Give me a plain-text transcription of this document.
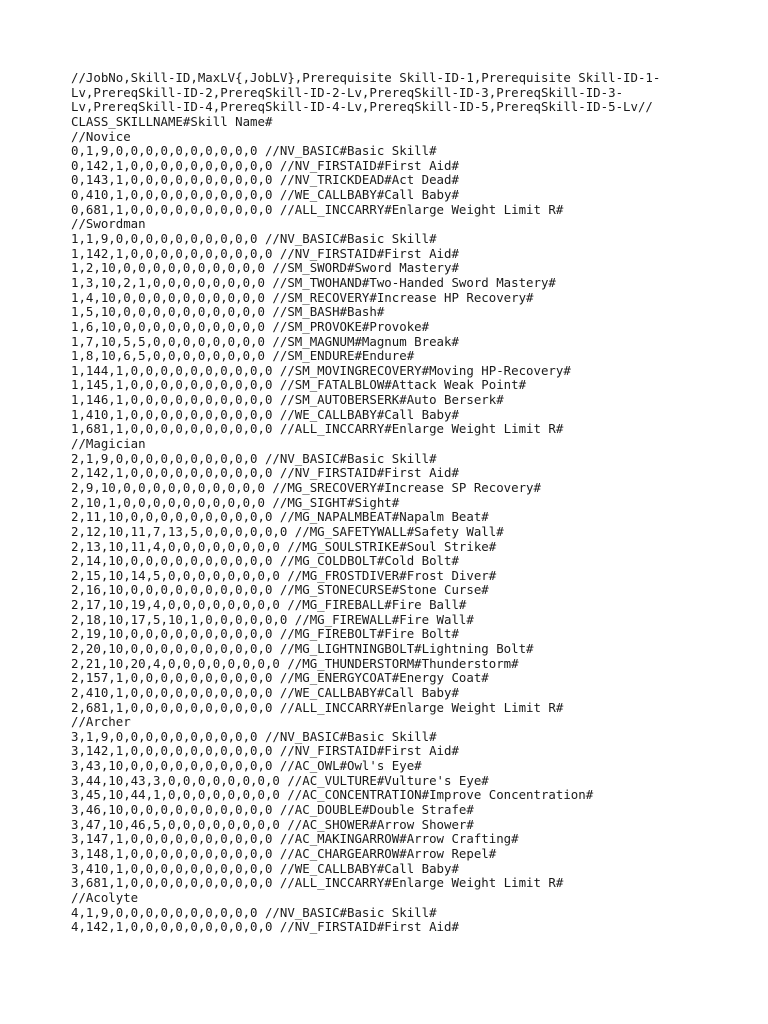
//JobNo,Skill-ID,MaxLV{,JobLV},Prerequisite Skill-ID-1,Prerequisite Skill-ID-1-
Lv,PrereqSkill-ID-2,PrereqSkill-ID-2-Lv,PrereqSkill-ID-3,PrereqSkill-ID-3-
Lv,PrereqSkill-ID-4,PrereqSkill-ID-4-Lv,PrereqSkill-ID-5,PrereqSkill-ID-5-Lv//
CLASS_SKILLNAME#Skill Name#
//Novice
0,1,9,0,0,0,0,0,0,0,0,0,0 //NV_BASIC#Basic Skill#
0,142,1,0,0,0,0,0,0,0,0,0,0 //NV_FIRSTAID#First Aid#
0,143,1,0,0,0,0,0,0,0,0,0,0 //NV_TRICKDEAD#Act Dead#
0,410,1,0,0,0,0,0,0,0,0,0,0 //WE_CALLBABY#Call Baby#
0,681,1,0,0,0,0,0,0,0,0,0,0 //ALL_INCCARRY#Enlarge Weight Limit R#
//Swordman
1,1,9,0,0,0,0,0,0,0,0,0,0 //NV_BASIC#Basic Skill#
1,142,1,0,0,0,0,0,0,0,0,0,0 //NV_FIRSTAID#First Aid#
1,2,10,0,0,0,0,0,0,0,0,0,0 //SM_SWORD#Sword Mastery#
1,3,10,2,1,0,0,0,0,0,0,0,0 //SM_TWOHAND#Two-Handed Sword Mastery#
1,4,10,0,0,0,0,0,0,0,0,0,0 //SM_RECOVERY#Increase HP Recovery#
1,5,10,0,0,0,0,0,0,0,0,0,0 //SM_BASH#Bash#
1,6,10,0,0,0,0,0,0,0,0,0,0 //SM_PROVOKE#Provoke#
1,7,10,5,5,0,0,0,0,0,0,0,0 //SM_MAGNUM#Magnum Break#
1,8,10,6,5,0,0,0,0,0,0,0,0 //SM_ENDURE#Endure#
1,144,1,0,0,0,0,0,0,0,0,0,0 //SM_MOVINGRECOVERY#Moving HP-Recovery#
1,145,1,0,0,0,0,0,0,0,0,0,0 //SM_FATALBLOW#Attack Weak Point#
1,146,1,0,0,0,0,0,0,0,0,0,0 //SM_AUTOBERSERK#Auto Berserk#
1,410,1,0,0,0,0,0,0,0,0,0,0 //WE_CALLBABY#Call Baby#
1,681,1,0,0,0,0,0,0,0,0,0,0 //ALL_INCCARRY#Enlarge Weight Limit R#
//Magician
2,1,9,0,0,0,0,0,0,0,0,0,0 //NV_BASIC#Basic Skill#
2,142,1,0,0,0,0,0,0,0,0,0,0 //NV_FIRSTAID#First Aid#
2,9,10,0,0,0,0,0,0,0,0,0,0 //MG_SRECOVERY#Increase SP Recovery#
2,10,1,0,0,0,0,0,0,0,0,0,0 //MG_SIGHT#Sight#
2,11,10,0,0,0,0,0,0,0,0,0,0 //MG_NAPALMBEAT#Napalm Beat#
2,12,10,11,7,13,5,0,0,0,0,0,0 //MG_SAFETYWALL#Safety Wall#
2,13,10,11,4,0,0,0,0,0,0,0,0 //MG_SOULSTRIKE#Soul Strike#
2,14,10,0,0,0,0,0,0,0,0,0,0 //MG_COLDBOLT#Cold Bolt#
2,15,10,14,5,0,0,0,0,0,0,0,0 //MG_FROSTDIVER#Frost Diver#
2,16,10,0,0,0,0,0,0,0,0,0,0 //MG_STONECURSE#Stone Curse#
2,17,10,19,4,0,0,0,0,0,0,0,0 //MG_FIREBALL#Fire Ball#
2,18,10,17,5,10,1,0,0,0,0,0,0 //MG_FIREWALL#Fire Wall#
2,19,10,0,0,0,0,0,0,0,0,0,0 //MG_FIREBOLT#Fire Bolt#
2,20,10,0,0,0,0,0,0,0,0,0,0 //MG_LIGHTNINGBOLT#Lightning Bolt#
2,21,10,20,4,0,0,0,0,0,0,0,0 //MG_THUNDERSTORM#Thunderstorm#
2,157,1,0,0,0,0,0,0,0,0,0,0 //MG_ENERGYCOAT#Energy Coat#
2,410,1,0,0,0,0,0,0,0,0,0,0 //WE_CALLBABY#Call Baby#
2,681,1,0,0,0,0,0,0,0,0,0,0 //ALL_INCCARRY#Enlarge Weight Limit R#
//Archer
3,1,9,0,0,0,0,0,0,0,0,0,0 //NV_BASIC#Basic Skill#
3,142,1,0,0,0,0,0,0,0,0,0,0 //NV_FIRSTAID#First Aid#
3,43,10,0,0,0,0,0,0,0,0,0,0 //AC_OWL#Owl's Eye#
3,44,10,43,3,0,0,0,0,0,0,0,0 //AC_VULTURE#Vulture's Eye#
3,45,10,44,1,0,0,0,0,0,0,0,0 //AC_CONCENTRATION#Improve Concentration#
3,46,10,0,0,0,0,0,0,0,0,0,0 //AC_DOUBLE#Double Strafe#
3,47,10,46,5,0,0,0,0,0,0,0,0 //AC_SHOWER#Arrow Shower#
3,147,1,0,0,0,0,0,0,0,0,0,0 //AC_MAKINGARROW#Arrow Crafting#
3,148,1,0,0,0,0,0,0,0,0,0,0 //AC_CHARGEARROW#Arrow Repel#
3,410,1,0,0,0,0,0,0,0,0,0,0 //WE_CALLBABY#Call Baby#
3,681,1,0,0,0,0,0,0,0,0,0,0 //ALL_INCCARRY#Enlarge Weight Limit R#
//Acolyte
4,1,9,0,0,0,0,0,0,0,0,0,0 //NV_BASIC#Basic Skill#
4,142,1,0,0,0,0,0,0,0,0,0,0 //NV_FIRSTAID#First Aid#
